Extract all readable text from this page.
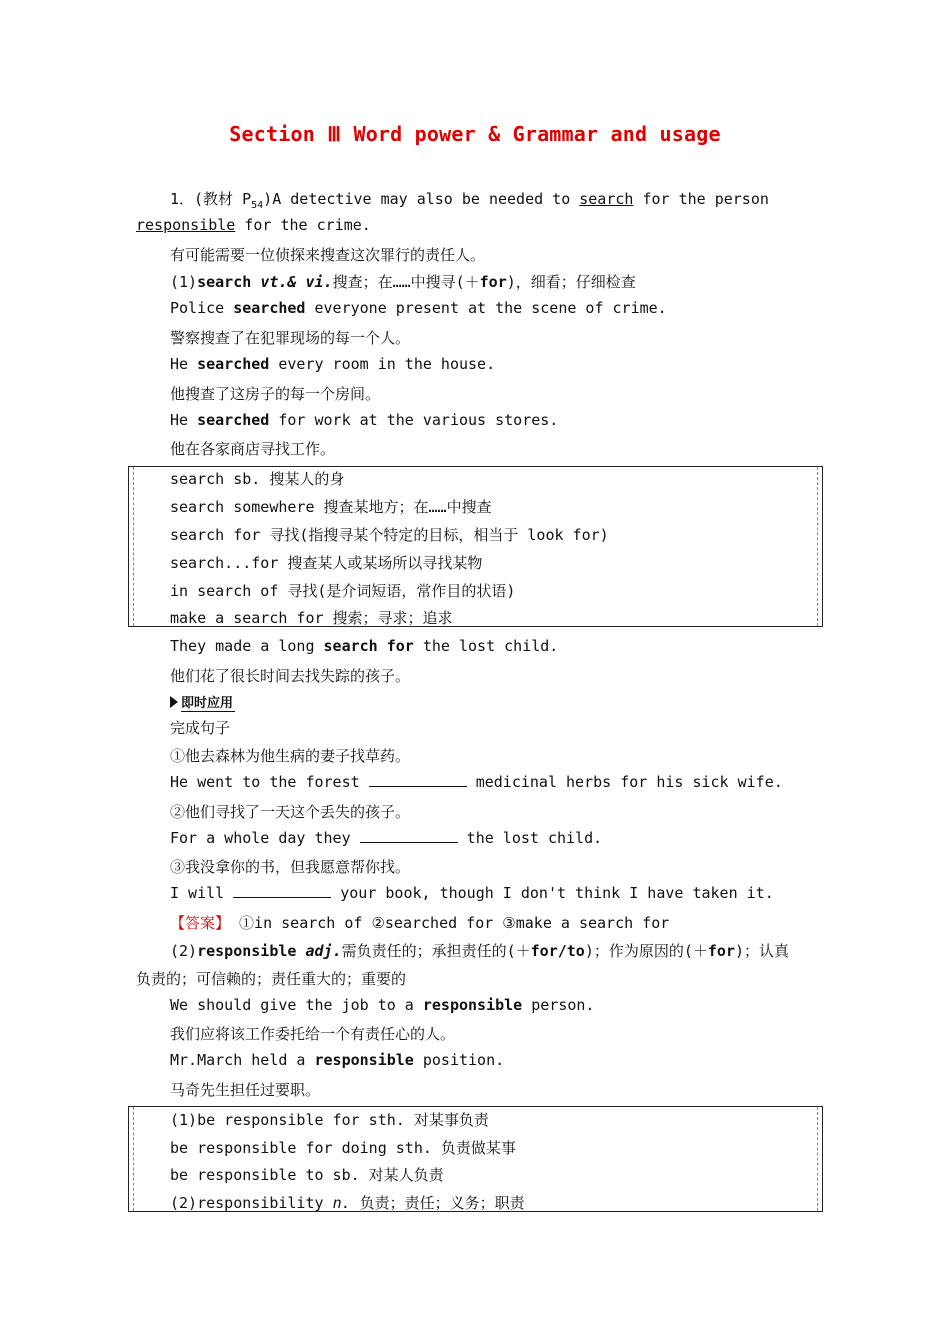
Section Ⅲ Word power & Grammar and usage
1．(教材 $P_{54})A$ detective may also be needed to search for the person
responsible for the crime.
有可能需要一位侦探来搜查这次罪行的责任人。
(1)search vt.& vi.搜查；在……中搜寻(＋for)，细看；仔细检查
Police searched everyone present at the scene of crime.
警察搜查了在犯罪现场的每一个人。
He searched every room in the house.
他搜查了这房子的每一个房间。
He searched for work at the various stores.
他在各家商店寻找工作。
search sb. 搜某人的身
search somewhere 搜查某地方；在……中搜查
search for 寻找(指搜寻某个特定的目标，相当于 look for)
search...for 搜查某人或某场所以寻找某物
in search of 寻找(是介词短语，常作目的状语)
make a search for 搜索；寻求；追求
They made a long search for the lost child.
他们花了很长时间去找失踪的孩子。
即时应用
完成句子
①他去森林为他生病的妻子找草药。
He went to the forest	medicinal herbs for his sick wife.
②他们寻找了一天这个丢失的孩子。
For a whole day they	the lost child.
③我没拿你的书，但我愿意帮你找。
I will	your book, though I don't think I have taken it.
【答案】 ①in search of ②searched for ③make a search for
(2)responsible adj.需负责任的；承担责任的(＋for/to)；作为原因的(＋for)；认真
负责的；可信赖的；责任重大的；重要的
We should give the job to a responsible person.
我们应将该工作委托给一个有责任心的人。
Mr.March held a responsible position.
马奇先生担任过要职。
(1)be responsible for sth. 对某事负责
be responsible for doing sth. 负责做某事
be responsible to sb. 对某人负责
(2)responsibility n. 负责；责任；义务；职责
